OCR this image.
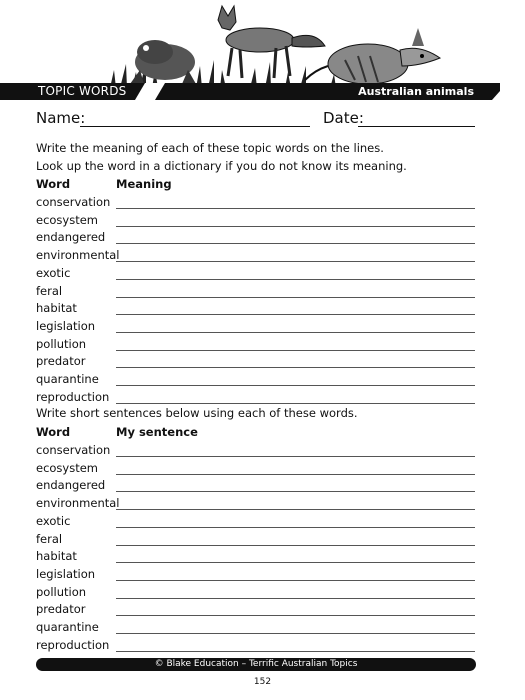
TOPIC WORDS	Australian animals
Name:	Date:
Write the meaning of each of these topic words on the lines.
Look up the word in a dictionary if you do not know its meaning.
Word	Meaning
conservation
ecosystem
endangered
environmental
exotic
feral
habitat
legislation
pollution
predator
quarantine
reproduction
Write short sentences below using each of these words.
Word	My sentence
conservation
ecosystem
endangered
environmental
exotic
feral
habitat
legislation
pollution
predator
quarantine
reproduction
© Blake Education – Terrific Australian Topics
152
